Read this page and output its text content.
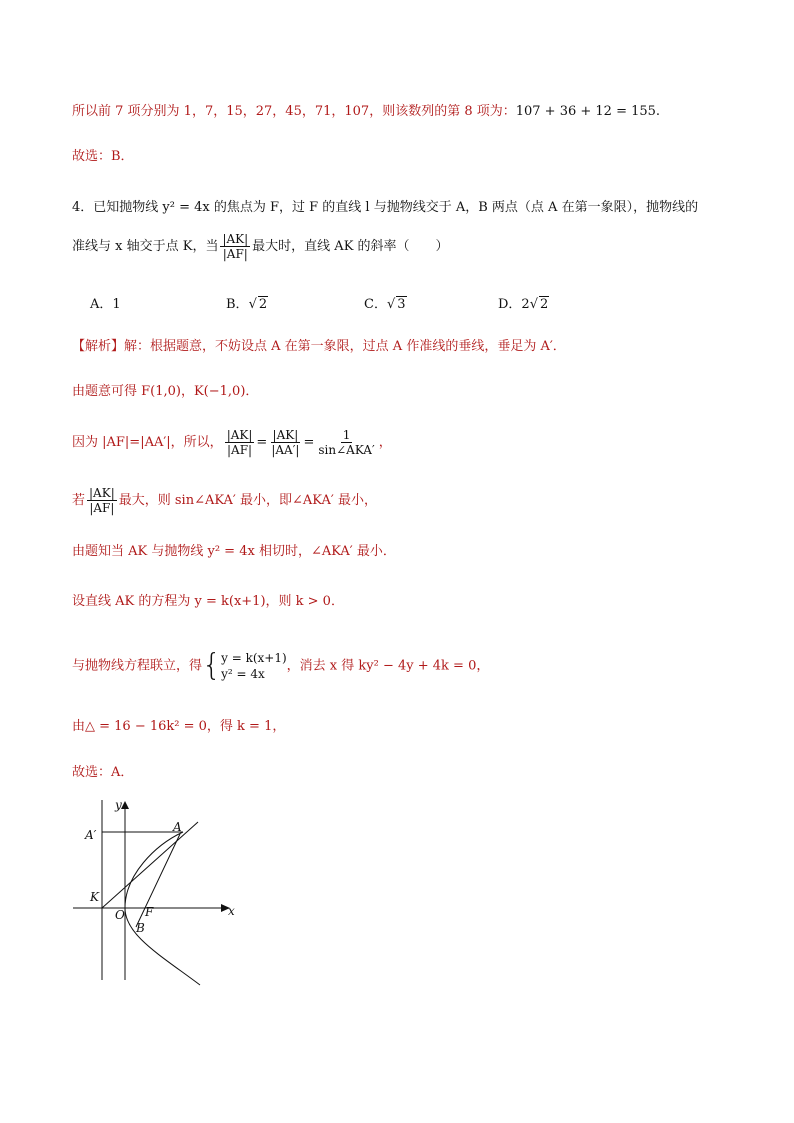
所以前 7 项分别为 1，7，15，27，45，71，107，则该数列的第 8 项为：107 + 36 + 12 = 155.
故选：B．
4．已知抛物线 y² = 4x 的焦点为 F，过 F 的直线 l 与抛物线交于 A，B 两点（点 A 在第一象限），抛物线的
准线与 x 轴交于点 K，当 $\frac{|AK|}{|AF|}$ 最大时，直线 AK 的斜率（　　）
A．1	B．√ 2	C．√ 3	D．2√ 2
【解析】解：根据题意，不妨设点 A 在第一象限，过点 A 作准线的垂线，垂足为 A′．
由题意可得 F(1,0)，K(−1,0)．
因为 |AF|=|AA′|，所以， $\frac{|AK|}{|AF|} = \frac{|AK|}{|AA'|} = \frac{1}{\text{sin∠AKA′}}$ ，
若 $\frac{|AK|}{|AF|}$ 最大，则 sin∠AKA′ 最小，即∠AKA′ 最小，
由题知当 AK 与抛物线 y² = 4x 相切时，∠AKA′ 最小．
设直线 AK 的方程为 y = k(x+1)，则 k > 0．
与抛物线方程联立，得 { y = k(x+1)
y² = 4x
，消去 x 得 ky² − 4y + 4k = 0，
由△ = 16 − 16k² = 0，得 k = 1，
故选：A．
y
x
A′
A
K
O F
B
